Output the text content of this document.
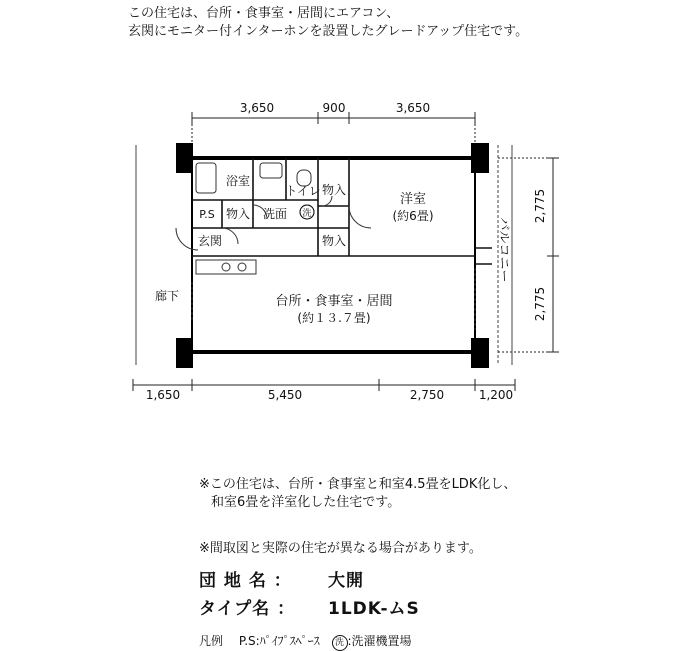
この住宅は、台所・食事室・居間にエアコン、
玄関にモニター付インターホンを設置したグレードアップ住宅です。
3,650	900	3,650
1,650	5,450	2,750	1,200
2,775
2,775
浴室
トイレ 物入
P.S 物入 洗面 洗
物入
玄関
洋室
(約6畳)
台所・食事室・居間
(約１３.７畳)
廊下
バルコニー
※この住宅は、台所・食事室と和室4.5畳をLDK化し、
和室6畳を洋室化した住宅です。
※間取図と実際の住宅が異なる場合があります。
団 地 名 ： 大開
タイプ名 ： 1LDK-ムS
凡例 P.S:ﾊﾟｲﾌﾟｽﾍﾟｰｽ 洗 :洗濯機置場
